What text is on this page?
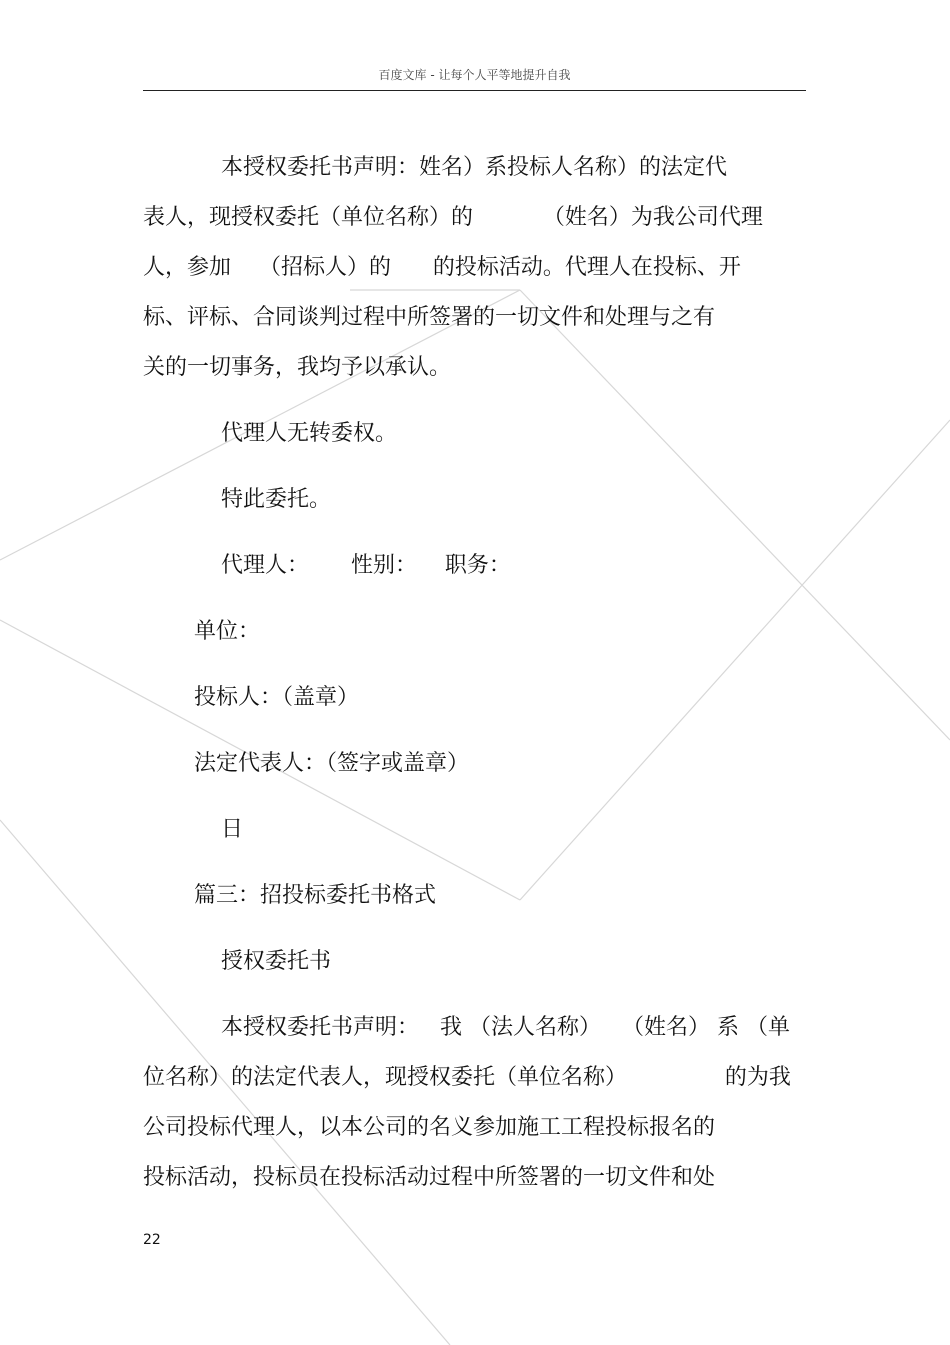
百度文库 - 让每个人平等地提升自我
本授权委托书声明：姓名）系投标人名称）的法定代
表人，现授权委托（单位名称）的          （姓名）为我公司代理
人，参加    （招标人）的      的投标活动。代理人在投标、开
标、评标、合同谈判过程中所签署的一切文件和处理与之有
关的一切事务，我均予以承认。
代理人无转委权。
特此委托。
代理人：      性别：    职务：
单位：
投标人：（盖章）
法定代表人：（签字或盖章）
日
篇三：招投标委托书格式
授权委托书
本授权委托书声明：   我 （法人名称）   （姓名） 系 （单
位名称）的法定代表人，现授权委托（单位名称）              的为我
公司投标代理人，以本公司的名义参加施工工程投标报名的
投标活动，投标员在投标活动过程中所签署的一切文件和处
22
